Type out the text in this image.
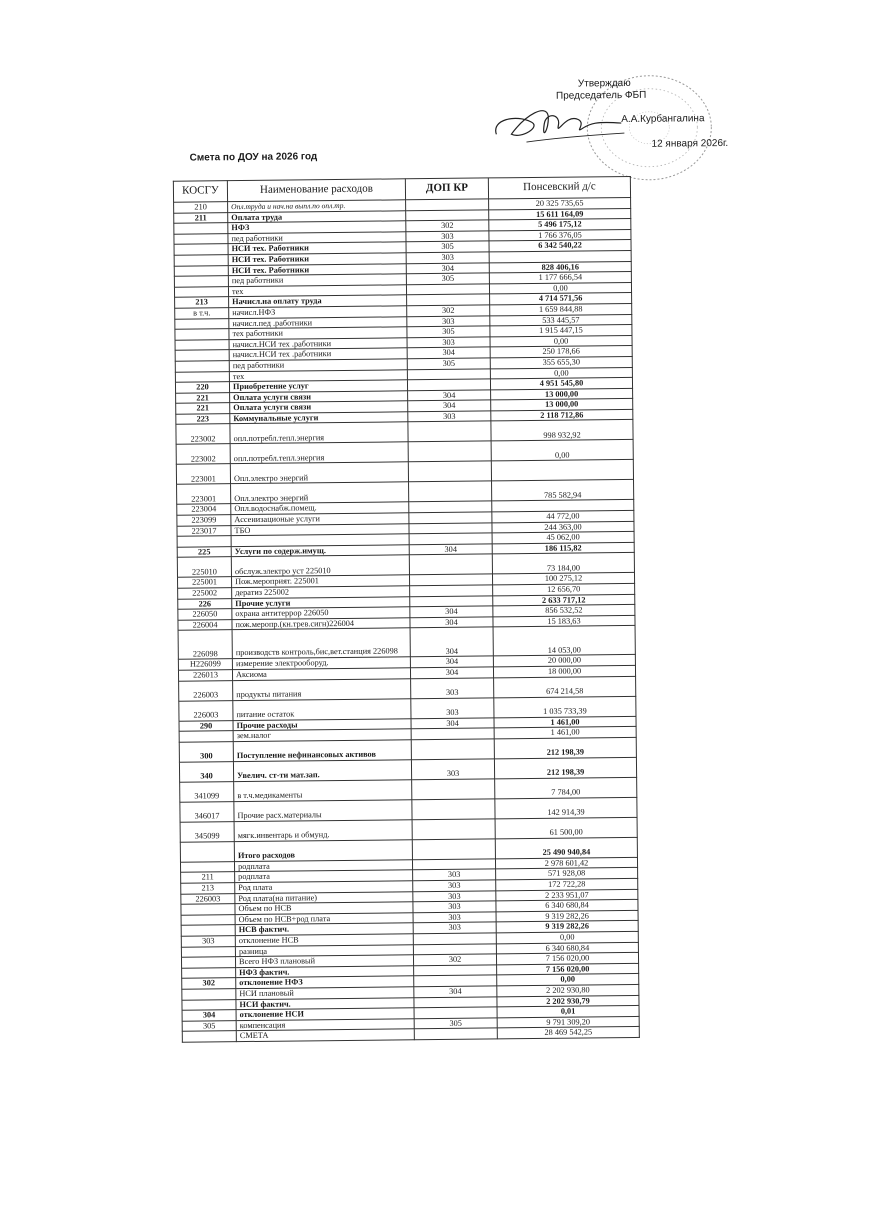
Утверждаю
Председатель ФБП
А.А.Курбангалина
12 января 2026г.
Смета по ДОУ на 2026 год
КОСГУ	Наименование расходов	ДОП КР	Понсевский д/с
210	Опл.труда и нач.на выпл.по опл.тр.		20 325 735,65
211	Оплата труда		15 611 164,09
	НФЗ	302	5 496 175,12
	пед работники	303	1 766 376,05
	НСИ тех. Работники	305	6 342 540,22
	НСИ тех. Работники	303	
	НСИ тех. Работники	304	828 406,16
	пед работники	305	1 177 666,54
	тех		0,00
213	Начисл.на оплату труда		4 714 571,56
в т.ч.	начисл.НФЗ	302	1 659 844,88
	начисл.пед .работники	303	533 445,57
	тех работники	305	1 915 447,15
	начисл.НСИ тех .работники	303	0,00
	начисл.НСИ тех .работники	304	250 178,66
	пед работники	305	355 655,30
	тех		0,00
220	Приобретение услуг		4 951 545,80
221	Оплата услуги связи	304	13 000,00
221	Оплата услуги связи	304	13 000,00
223	Коммунальные услуги	303	2 118 712,86
223002	опл.потребл.тепл.энергия		998 932,92
223002	опл.потребл.тепл.энергия		0,00
223001	Опл.электро энергий		
223001	Опл.электро энергий		785 582,94
223004	Опл.водоснабж.помещ.		
223099	Ассенизационые услуги		44 772,00
223017	ТБО		244 363,00
			45 062,00
225	Услуги по содерж.имущ.	304	186 115,82
225010	обслуж.электро уст 225010		73 184,00
225001	Пож.мероприят. 225001		100 275,12
225002	дератиз 225002		12 656,70
226	Прочие услуги		2 633 717,12
226050	охрана антитеррор 226050	304	856 532,52
226004	пож.меропр.(кн.трев.сигн)226004	304	15 183,63
226098	производств контроль,бис,вет.станция 226098	304	14 053,00
H226099	измерение электрооборуд.	304	20 000,00
226013	Аксиома	304	18 000,00
226003	продукты питания	303	674 214,58
226003	питание остаток	303	1 035 733,39
290	Прочие расходы	304	1 461,00
	зем.налог		1 461,00
300	Поступление нефинансовых активов		212 198,39
340	Увелич. ст-ти мат.зап.	303	212 198,39
341099	в т.ч.медикаменты		7 784,00
346017	Прочие расх.материалы		142 914,39
345099	мягк.инвентарь и обмунд.		61 500,00
	Итого расходов		25 490 940,84
	родплата		2 978 601,42
211	родплата	303	571 928,08
213	Род плата	303	172 722,28
226003	Род плата(на питание)	303	2 233 951,07
	Объем по НСВ	303	6 340 680,84
	Объем по НСВ+род плата	303	9 319 282,26
	НСВ фактич.	303	9 319 282,26
303	отклонение НСВ		0,00
	разница		6 340 680,84
	Всего НФЗ плановый	302	7 156 020,00
	НФЗ фактич.		7 156 020,00
302	отклонение НФЗ		0,00
	НСИ плановый	304	2 202 930,80
	НСИ фактич.		2 202 930,79
304	отклонение НСИ		0,01
305	компенсация	305	9 791 309,20
	СМЕТА		28 469 542,25
